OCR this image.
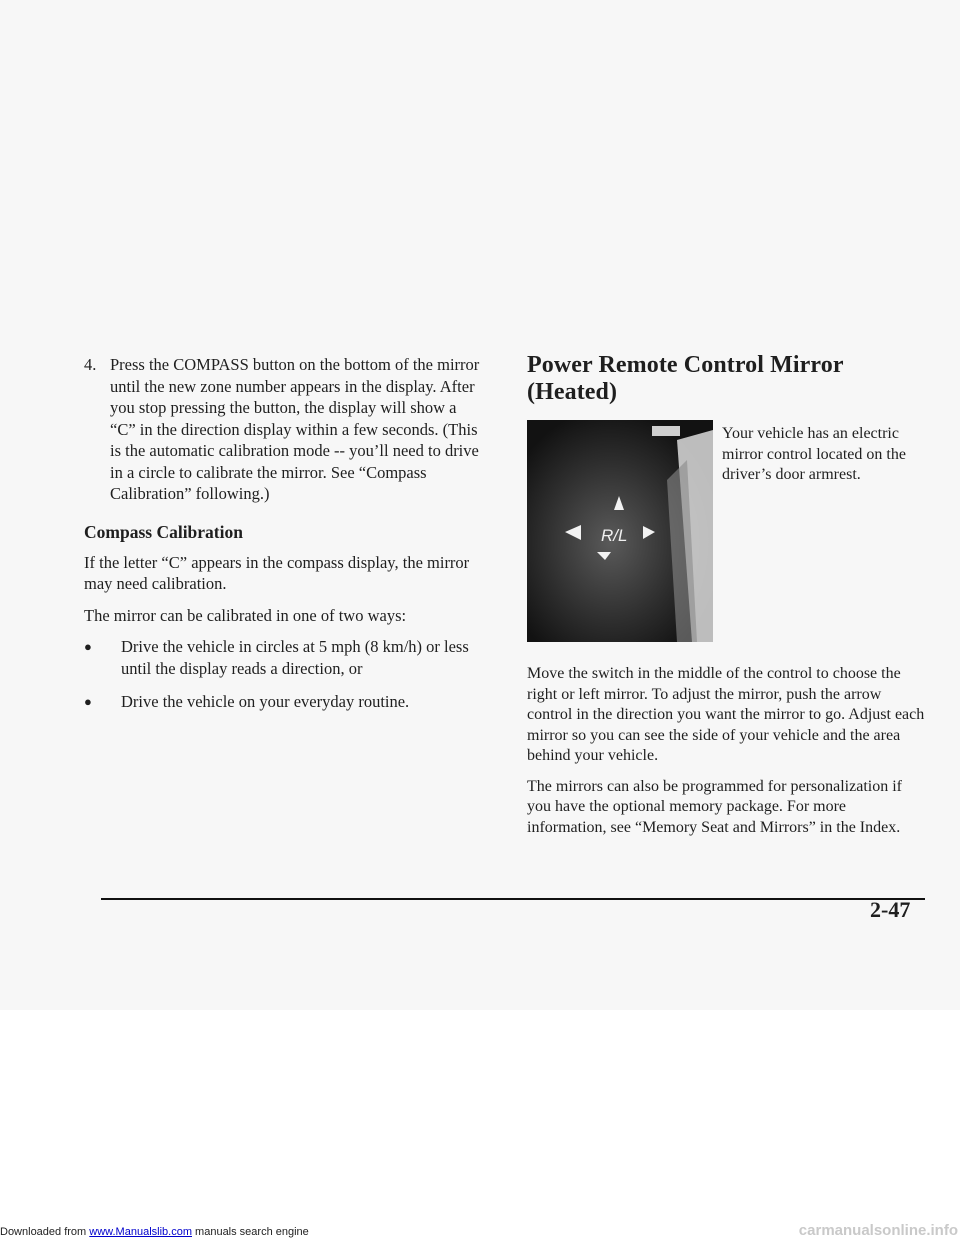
4. Press the COMPASS button on the bottom of the mirror until the new zone number appears in the display. After you stop pressing the button, the display will show a “C” in the direction display within a few seconds. (This is the automatic calibration mode -- you’ll need to drive in a circle to calibrate the mirror. See “Compass Calibration” following.)
Compass Calibration

If the letter “C” appears in the compass display, the mirror may need calibration.

The mirror can be calibrated in one of two ways:

●	Drive the vehicle in circles at 5 mph (8 km/h) or less until the display reads a direction, or
●	Drive the vehicle on your everyday routine.
Power Remote Control Mirror (Heated)
R/L
Your vehicle has an electric mirror control located on the driver’s door armrest.

Move the switch in the middle of the control to choose the right or left mirror. To adjust the mirror, push the arrow control in the direction you want the mirror to go. Adjust each mirror so you can see the side of your vehicle and the area behind your vehicle.

The mirrors can also be programmed for personalization if you have the optional memory package. For more information, see “Memory Seat and Mirrors” in the Index.

2-47
Downloaded from www.Manualslib.com manuals search engine	carmanualsonline.info
